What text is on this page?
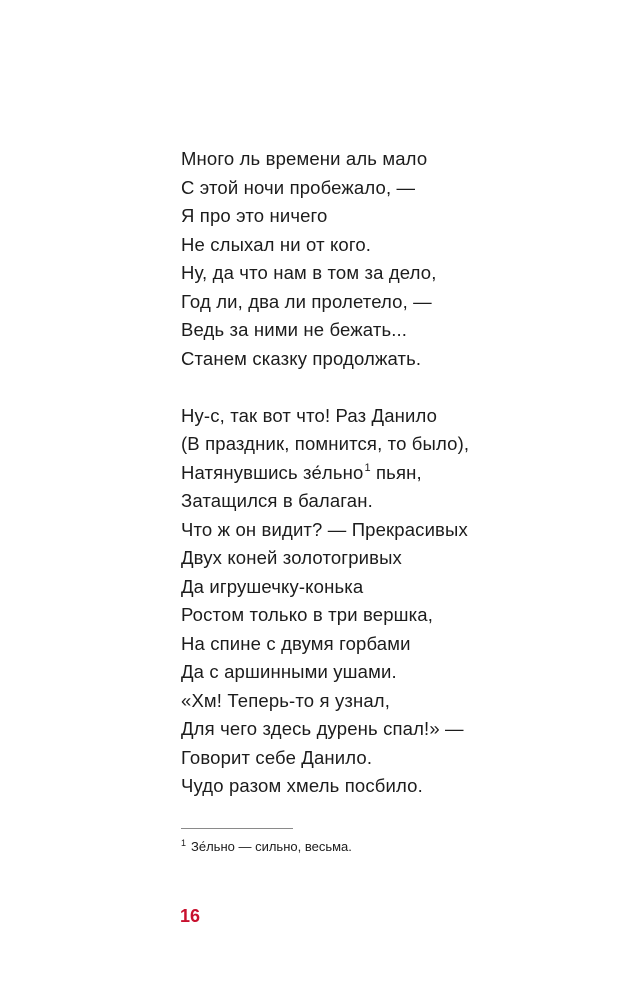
Много ль времени аль мало
С этой ночи пробежало, —
Я про это ничего
Не слыхал ни от кого.
Ну, да что нам в том за дело,
Год ли, два ли пролетело, —
Ведь за ними не бежать...
Станем сказку продолжать.
Ну-с, так вот что! Раз Данило
(В праздник, помнится, то было),
Натянувшись зе́льно$^1$ пьян,
Затащился в балаган.
Что ж он видит? — Прекрасивых
Двух коней золотогривых
Да игрушечку-конька
Ростом только в три вершка,
На спине с двумя горбами
Да с аршинными ушами.
«Хм! Теперь-то я узнал,
Для чего здесь дурень спал!» —
Говорит себе Данило.
Чудо разом хмель посбило.
$^1$ Зе́льно — сильно, весьма.
16
